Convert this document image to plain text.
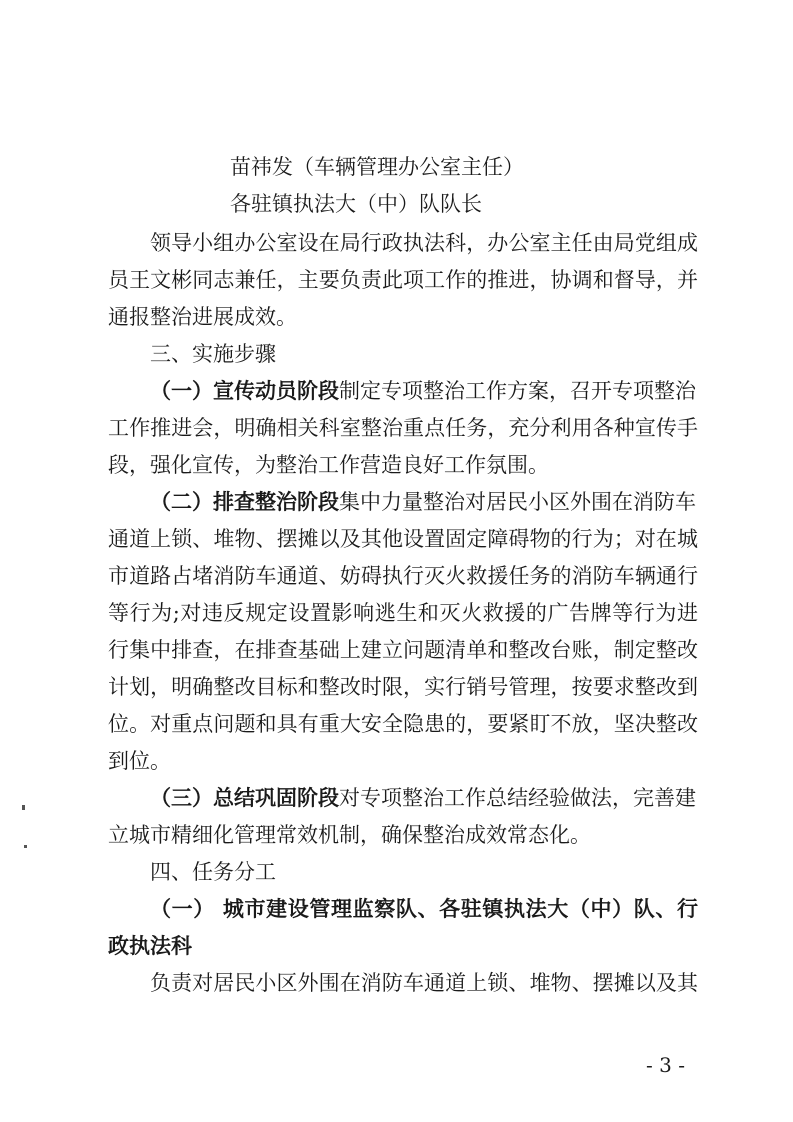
苗祎发（车辆管理办公室主任）
各驻镇执法大（中）队队长
领导小组办公室设在局行政执法科，办公室主任由局党组成
员王文彬同志兼任，主要负责此项工作的推进，协调和督导，并
通报整治进展成效。
三、实施步骤
（一）宣传动员阶段制定专项整治工作方案，召开专项整治
工作推进会，明确相关科室整治重点任务，充分利用各种宣传手
段，强化宣传，为整治工作营造良好工作氛围。
（二）排查整治阶段集中力量整治对居民小区外围在消防车
通道上锁、堆物、摆摊以及其他设置固定障碍物的行为；对在城
市道路占堵消防车通道、妨碍执行灭火救援任务的消防车辆通行
等行为;对违反规定设置影响逃生和灭火救援的广告牌等行为进
行集中排查，在排查基础上建立问题清单和整改台账，制定整改
计划，明确整改目标和整改时限，实行销号管理，按要求整改到
位。对重点问题和具有重大安全隐患的，要紧盯不放，坚决整改
到位。
（三）总结巩固阶段对专项整治工作总结经验做法，完善建
立城市精细化管理常效机制，确保整治成效常态化。
四、任务分工
（一） 城市建设管理监察队、各驻镇执法大（中）队、行
政执法科
负责对居民小区外围在消防车通道上锁、堆物、摆摊以及其
- 3 -
